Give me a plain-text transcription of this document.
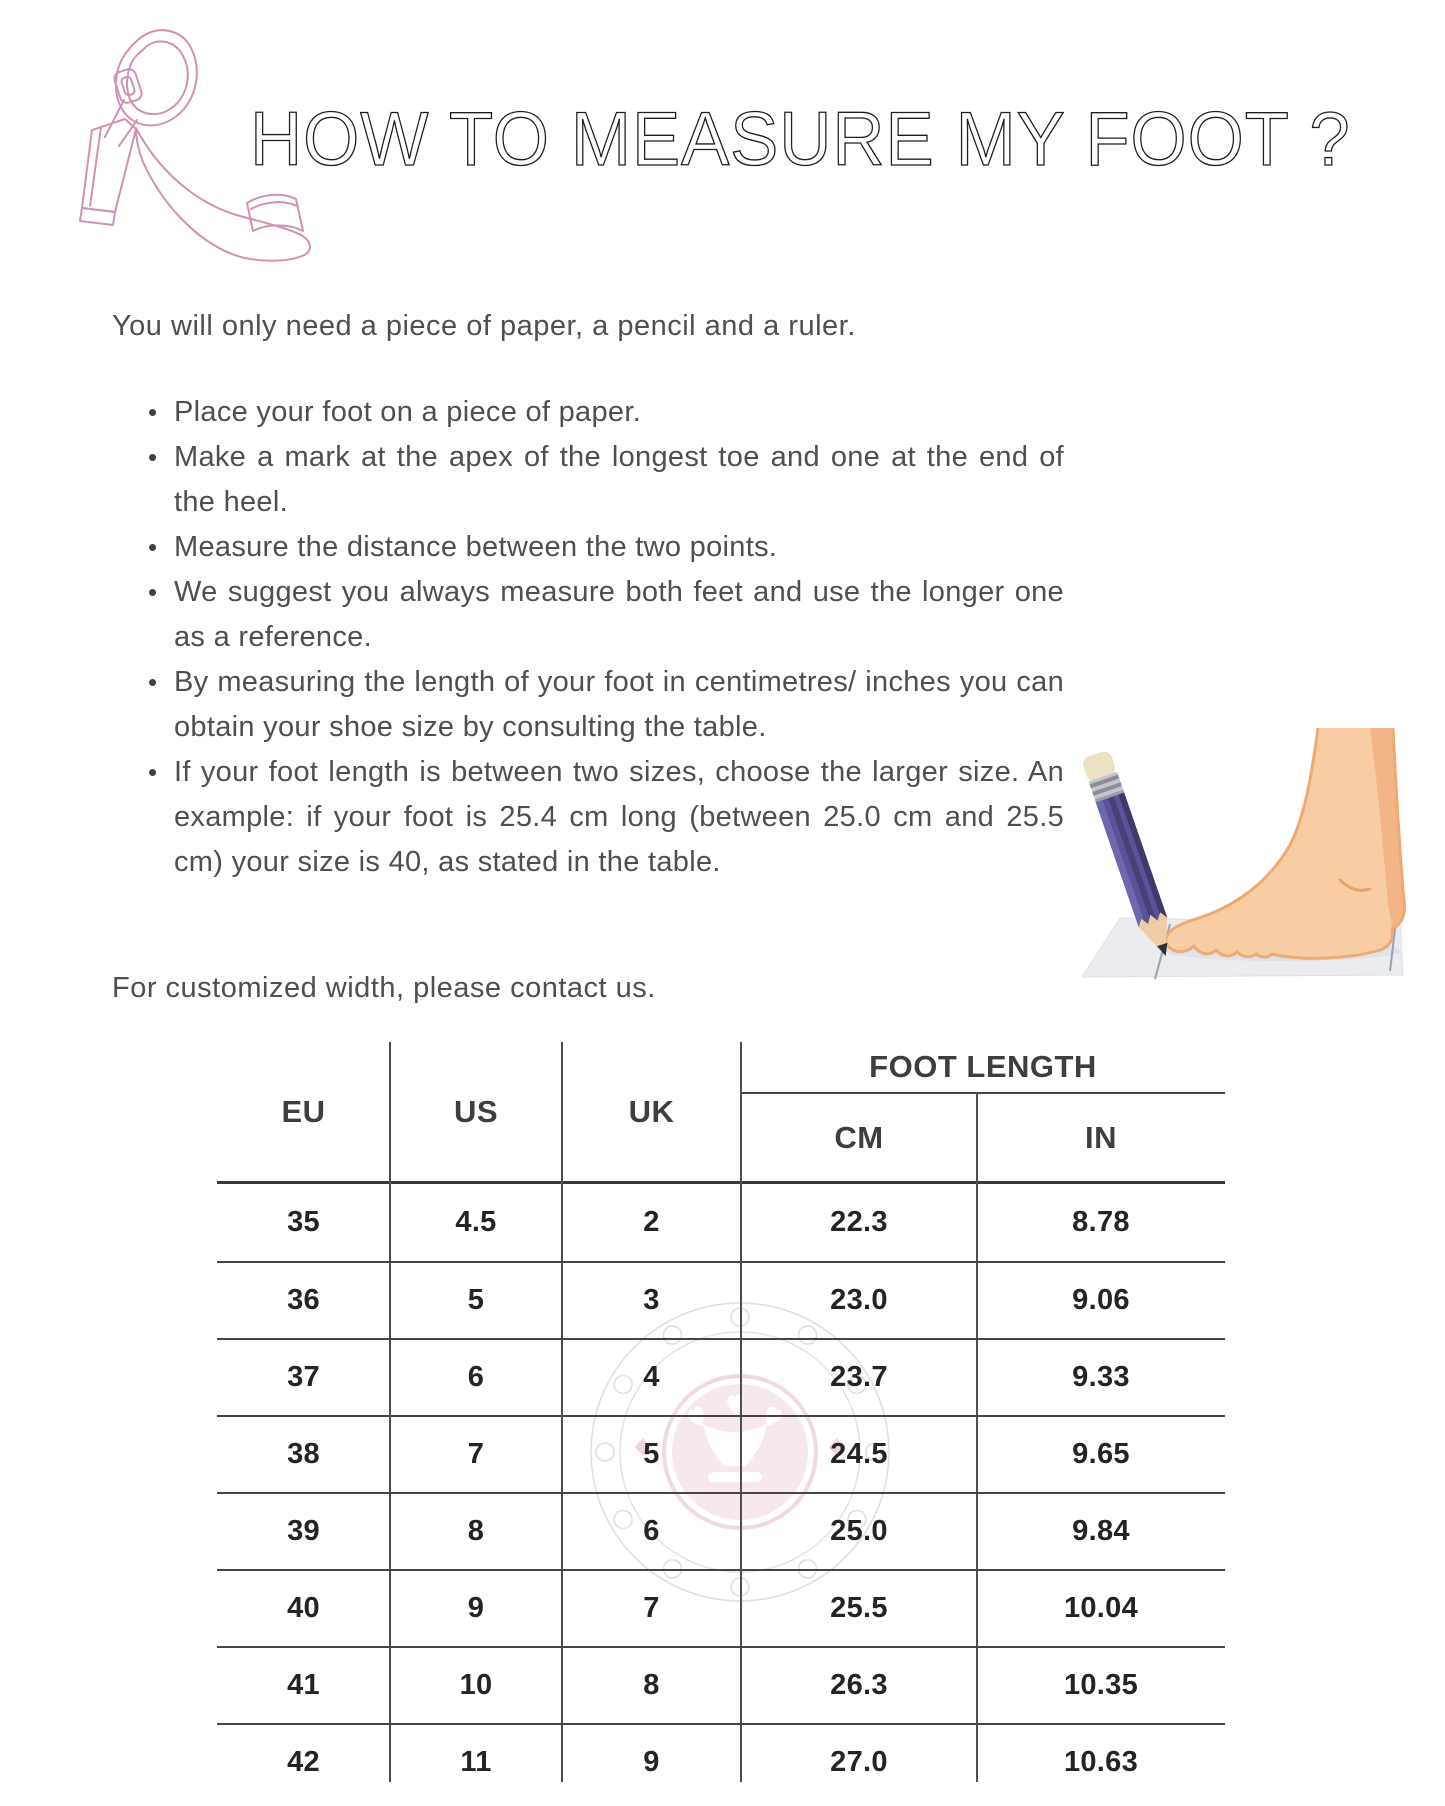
HOW TO MEASURE MY FOOT ?
You will only need a piece of paper, a pencil and a ruler.
• Place your foot on a piece of paper.
• Make a mark at the apex of the longest toe and one at the end of the heel.
• Measure the distance between the two points.
• We suggest you always measure both feet and use the longer one as a reference.
• By measuring the length of your foot in centimetres/ inches you can obtain your shoe size by consulting the table.
• If your foot length is between two sizes, choose the larger size. An example: if your foot is 25.4 cm long (between 25.0 cm and 25.5 cm) your size is 40, as stated in the table.
For customized width, please contact us.
EU	US	UK
FOOT LENGTH
CM	IN
35	4.5	2	22.3	8.78
36	5	3	23.0	9.06
37	6	4	23.7	9.33
38	7	5	24.5	9.65
39	8	6	25.0	9.84
40	9	7	25.5	10.04
41	10	8	26.3	10.35
42	11	9	27.0	10.63
